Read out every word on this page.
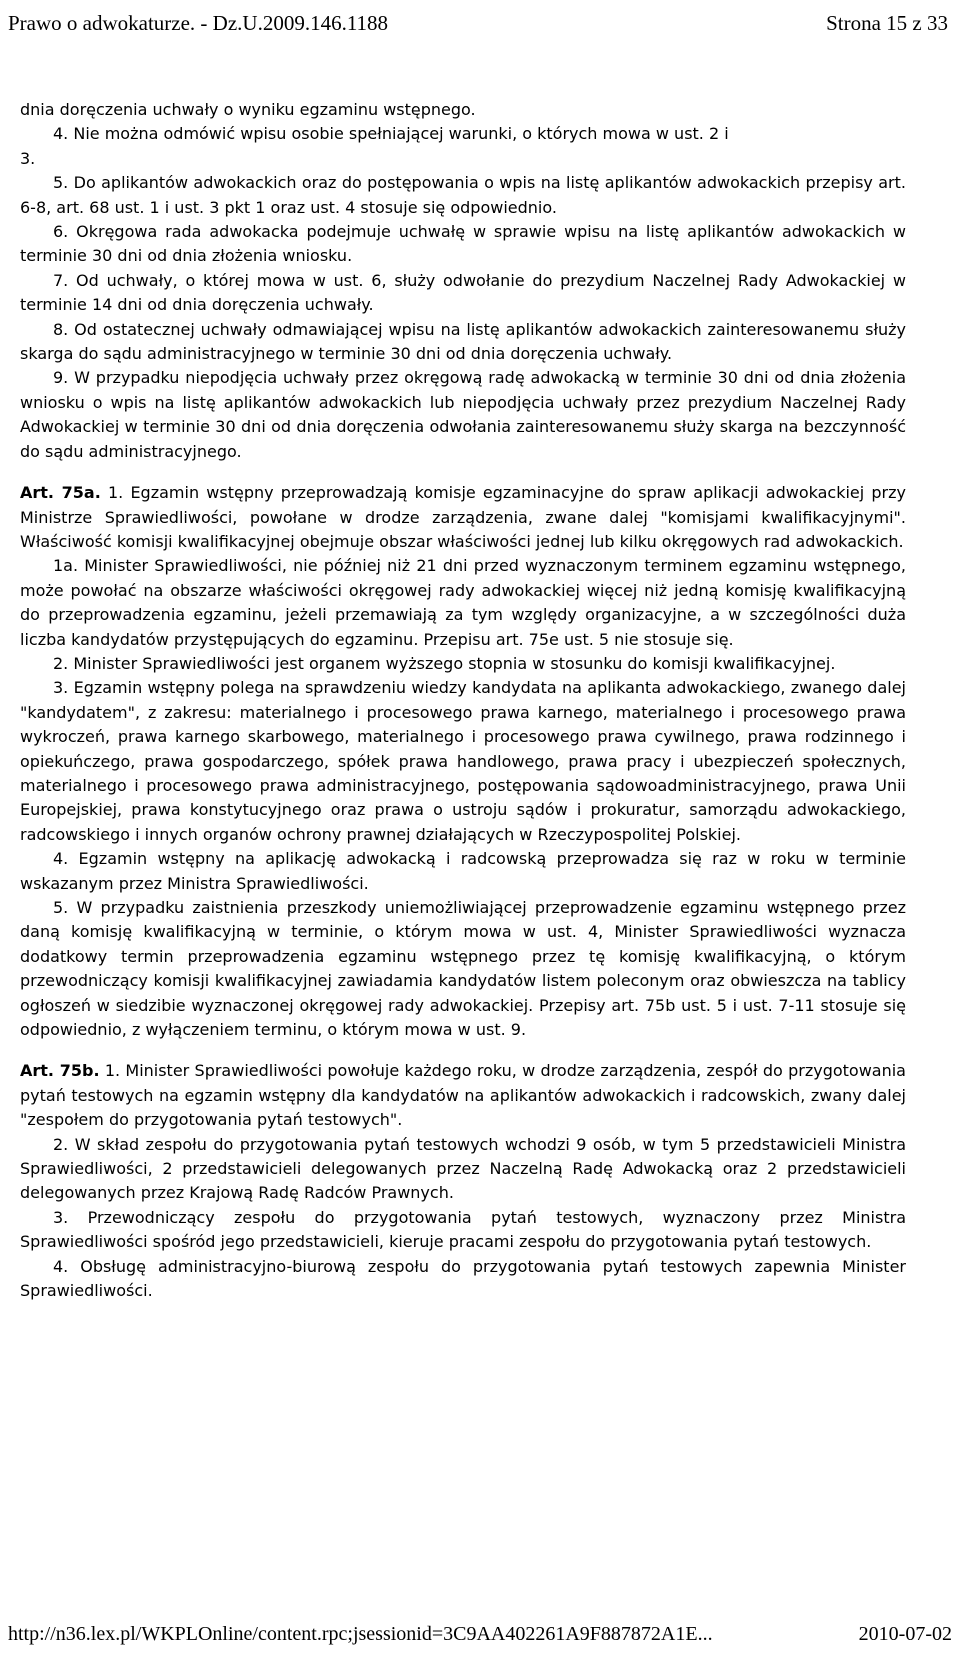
Prawo o adwokaturze. - Dz.U.2009.146.1188	Strona 15 z 33

dnia doręczenia uchwały o wyniku egzaminu wstępnego.

4. Nie można odmówić wpisu osobie spełniającej warunki, o których mowa w ust. 2 i

3.

5. Do aplikantów adwokackich oraz do postępowania o wpis na listę aplikantów adwokackich przepisy art. 6-8, art. 68 ust. 1 i ust. 3 pkt 1 oraz ust. 4 stosuje się odpowiednio.

6. Okręgowa rada adwokacka podejmuje uchwałę w sprawie wpisu na listę aplikantów adwokackich w terminie 30 dni od dnia złożenia wniosku.

7. Od uchwały, o której mowa w ust. 6, służy odwołanie do prezydium Naczelnej Rady Adwokackiej w terminie 14 dni od dnia doręczenia uchwały.

8. Od ostatecznej uchwały odmawiającej wpisu na listę aplikantów adwokackich zainteresowanemu służy skarga do sądu administracyjnego w terminie 30 dni od dnia doręczenia uchwały.

9. W przypadku niepodjęcia uchwały przez okręgową radę adwokacką w terminie 30 dni od dnia złożenia wniosku o wpis na listę aplikantów adwokackich lub niepodjęcia uchwały przez prezydium Naczelnej Rady Adwokackiej w terminie 30 dni od dnia doręczenia odwołania zainteresowanemu służy skarga na bezczynność do sądu administracyjnego.

Art. 75a. 1. Egzamin wstępny przeprowadzają komisje egzaminacyjne do spraw aplikacji adwokackiej przy Ministrze Sprawiedliwości, powołane w drodze zarządzenia, zwane dalej "komisjami kwalifikacyjnymi". Właściwość komisji kwalifikacyjnej obejmuje obszar właściwości jednej lub kilku okręgowych rad adwokackich.

1a. Minister Sprawiedliwości, nie później niż 21 dni przed wyznaczonym terminem egzaminu wstępnego, może powołać na obszarze właściwości okręgowej rady adwokackiej więcej niż jedną komisję kwalifikacyjną do przeprowadzenia egzaminu, jeżeli przemawiają za tym względy organizacyjne, a w szczególności duża liczba kandydatów przystępujących do egzaminu. Przepisu art. 75e ust. 5 nie stosuje się.

2. Minister Sprawiedliwości jest organem wyższego stopnia w stosunku do komisji kwalifikacyjnej.

3. Egzamin wstępny polega na sprawdzeniu wiedzy kandydata na aplikanta adwokackiego, zwanego dalej "kandydatem", z zakresu: materialnego i procesowego prawa karnego, materialnego i procesowego prawa wykroczeń, prawa karnego skarbowego, materialnego i procesowego prawa cywilnego, prawa rodzinnego i opiekuńczego, prawa gospodarczego, spółek prawa handlowego, prawa pracy i ubezpieczeń społecznych, materialnego i procesowego prawa administracyjnego, postępowania sądowoadministracyjnego, prawa Unii Europejskiej, prawa konstytucyjnego oraz prawa o ustroju sądów i prokuratur, samorządu adwokackiego, radcowskiego i innych organów ochrony prawnej działających w Rzeczypospolitej Polskiej.

4. Egzamin wstępny na aplikację adwokacką i radcowską przeprowadza się raz w roku w terminie wskazanym przez Ministra Sprawiedliwości.

5. W przypadku zaistnienia przeszkody uniemożliwiającej przeprowadzenie egzaminu wstępnego przez daną komisję kwalifikacyjną w terminie, o którym mowa w ust. 4, Minister Sprawiedliwości wyznacza dodatkowy termin przeprowadzenia egzaminu wstępnego przez tę komisję kwalifikacyjną, o którym przewodniczący komisji kwalifikacyjnej zawiadamia kandydatów listem poleconym oraz obwieszcza na tablicy ogłoszeń w siedzibie wyznaczonej okręgowej rady adwokackiej. Przepisy art. 75b ust. 5 i ust. 7-11 stosuje się odpowiednio, z wyłączeniem terminu, o którym mowa w ust. 9.

Art. 75b. 1. Minister Sprawiedliwości powołuje każdego roku, w drodze zarządzenia, zespół do przygotowania pytań testowych na egzamin wstępny dla kandydatów na aplikantów adwokackich i radcowskich, zwany dalej "zespołem do przygotowania pytań testowych".

2. W skład zespołu do przygotowania pytań testowych wchodzi 9 osób, w tym 5 przedstawicieli Ministra Sprawiedliwości, 2 przedstawicieli delegowanych przez Naczelną Radę Adwokacką oraz 2 przedstawicieli delegowanych przez Krajową Radę Radców Prawnych.

3. Przewodniczący zespołu do przygotowania pytań testowych, wyznaczony przez Ministra Sprawiedliwości spośród jego przedstawicieli, kieruje pracami zespołu do przygotowania pytań testowych.

4. Obsługę administracyjno-biurową zespołu do przygotowania pytań testowych zapewnia Minister Sprawiedliwości.

http://n36.lex.pl/WKPLOnline/content.rpc;jsessionid=3C9AA402261A9F887872A1E...	2010-07-02
